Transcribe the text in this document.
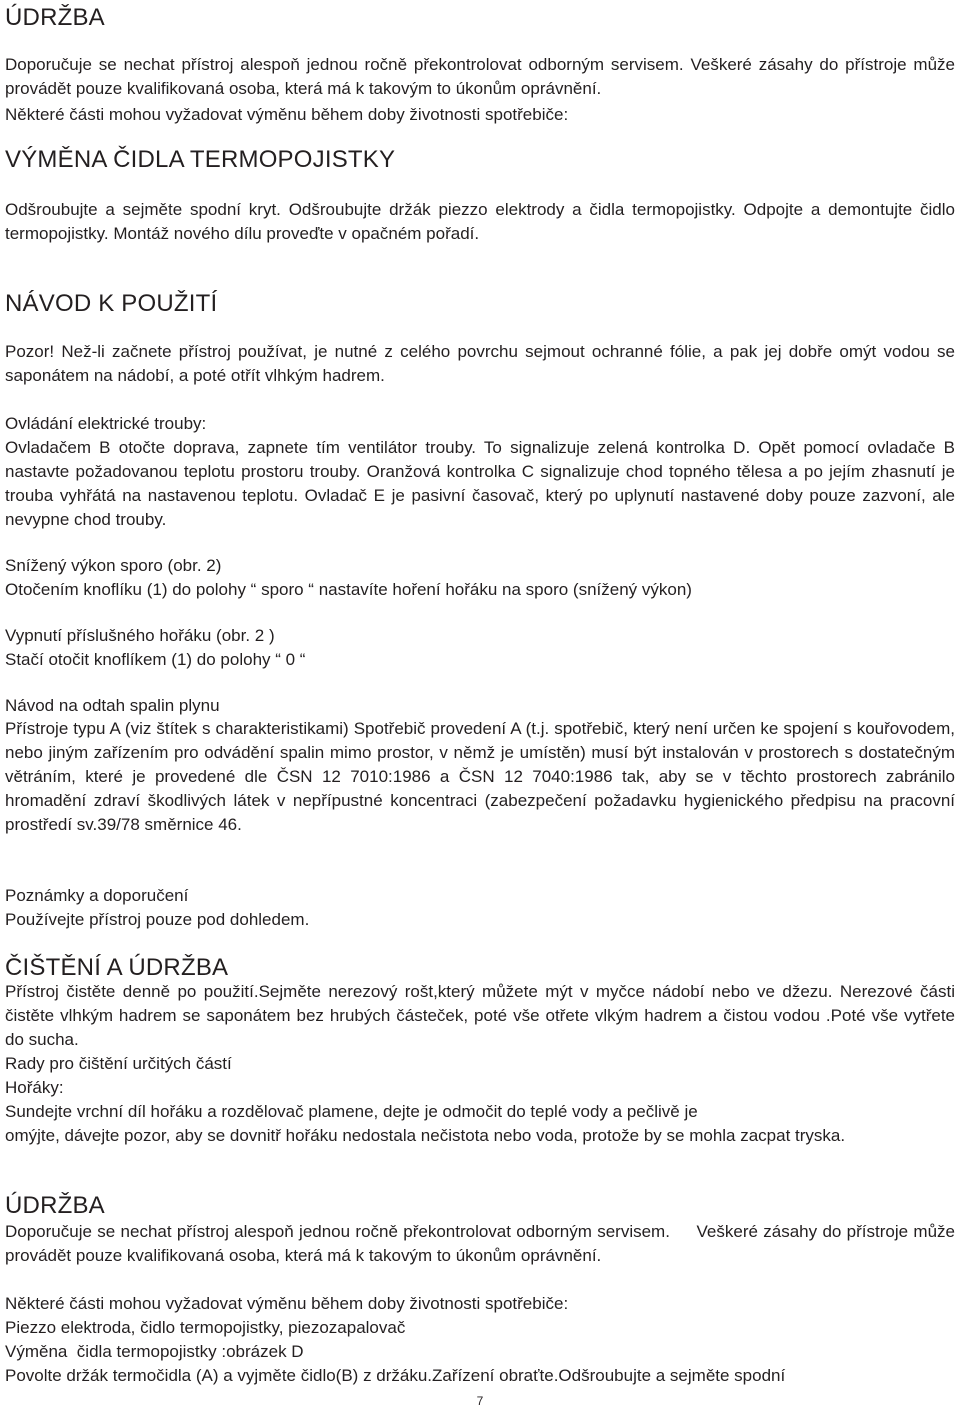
ÚDRŽBA

Doporučuje se nechat přístroj alespoň jednou ročně překontrolovat odborným servisem. Veškeré zásahy do přístroje může provádět pouze kvalifikovaná osoba, která má k takovým to úkonům oprávnění.

Některé části mohou vyžadovat výměnu během doby životnosti spotřebiče:

VÝMĚNA ČIDLA TERMOPOJISTKY

Odšroubujte a sejměte spodní kryt. Odšroubujte držák piezzo elektrody a čidla termopojistky. Odpojte a demontujte čidlo termopojistky. Montáž nového dílu proveďte v opačném pořadí.

NÁVOD K POUŽITÍ

Pozor! Než-li začnete přístroj používat, je nutné z celého povrchu sejmout ochranné fólie, a pak jej dobře omýt vodou se saponátem na nádobí, a poté otřít vlhkým hadrem.

Ovládání elektrické trouby:

Ovladačem B otočte doprava, zapnete tím ventilátor trouby. To signalizuje zelená kontrolka D. Opět pomocí ovladače B nastavte požadovanou teplotu prostoru trouby. Oranžová kontrolka C signalizuje chod topného tělesa a po jejím zhasnutí je trouba vyhřátá na nastavenou teplotu. Ovladač E je pasivní časovač, který po uplynutí nastavené doby pouze zazvoní, ale nevypne chod trouby.

Snížený výkon sporo (obr. 2)

Otočením knoflíku (1) do polohy “ sporo “ nastavíte hoření hořáku na sporo (snížený výkon)

Vypnutí příslušného hořáku (obr. 2 )

Stačí otočit knoflíkem (1) do polohy “ 0 “

Návod na odtah spalin plynu

Přístroje typu A (viz štítek s charakteristikami) Spotřebič provedení A (t.j. spotřebič, který není určen ke spojení s kouřovodem, nebo jiným zařízením pro odvádění spalin mimo prostor, v němž je umístěn) musí být instalován v prostorech s dostatečným větráním, které je provedené dle ČSN 12 7010:1986 a ČSN 12 7040:1986 tak, aby se v těchto prostorech zabránilo hromadění zdraví škodlivých látek v nepřípustné koncentraci (zabezpečení požadavku hygienického předpisu na pracovní prostředí sv.39/78 směrnice 46.

Poznámky a doporučení

Používejte přístroj pouze pod dohledem.

ČIŠTĚNÍ A ÚDRŽBA

Přístroj čistěte denně po použití.Sejměte nerezový rošt,který můžete mýt v myčce nádobí nebo ve džezu. Nerezové části čistěte vlhkým hadrem se saponátem bez hrubých částeček, poté vše otřete vlkým hadrem a čistou vodou .Poté vše vytřete do sucha.

Rady pro čištění určitých částí

Hořáky:

Sundejte vrchní díl hořáku a rozdělovač plamene, dejte je odmočit do teplé vody a pečlivě je

omýjte, dávejte pozor, aby se dovnitř hořáku nedostala nečistota nebo voda, protože by se mohla zacpat tryska.

ÚDRŽBA

Doporučuje se nechat přístroj alespoň jednou ročně překontrolovat odborným servisem.     Veškeré zásahy do přístroje může provádět pouze kvalifikovaná osoba, která má k takovým to úkonům oprávnění.

Některé části mohou vyžadovat výměnu během doby životnosti spotřebiče:

Piezzo elektroda, čidlo termopojistky, piezozapalovač

Výměna  čidla termopojistky :obrázek D

Povolte držák termočidla (A) a vyjměte čidlo(B) z držáku.Zařízení obraťte.Odšroubujte a sejměte spodní

7
